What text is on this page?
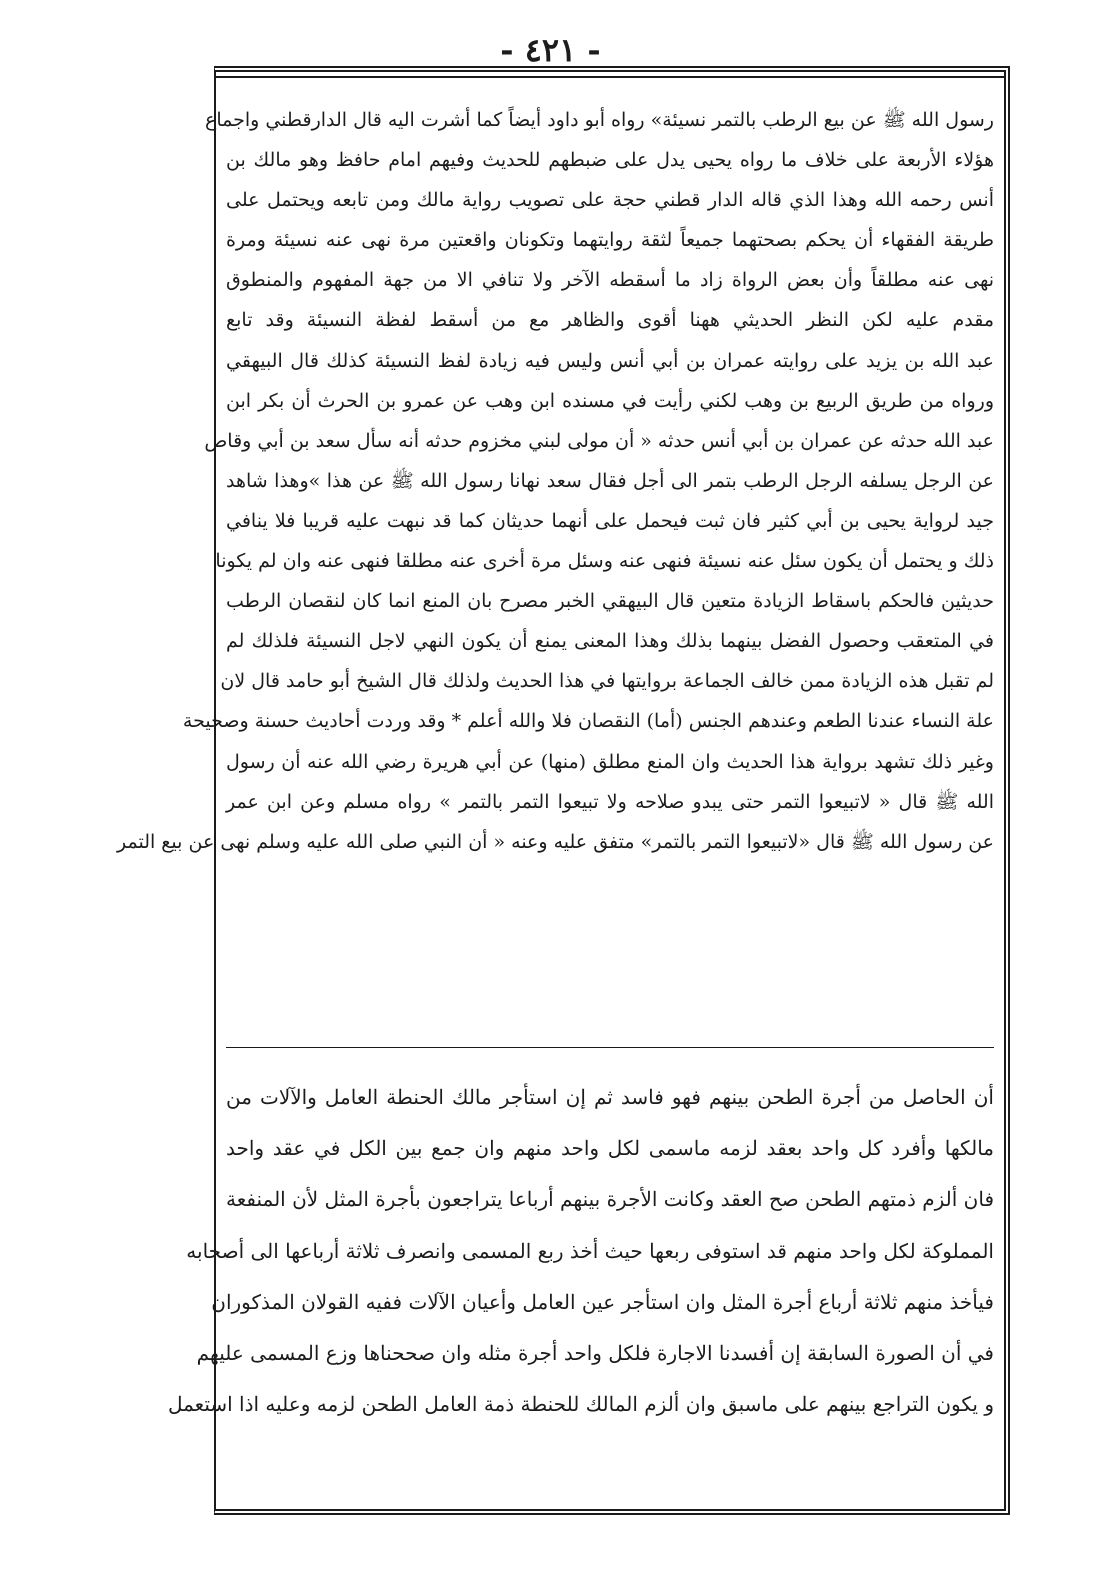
- ٤٢١ -
رسول الله ﷺ عن بيع الرطب بالتمر نسيئة» رواه أبو داود أيضاً كما أشرت اليه قال الدارقطني واجماع
هؤلاء الأربعة على خلاف ما رواه يحيى يدل على ضبطهم للحديث وفيهم امام حافظ وهو مالك بن
أنس رحمه الله وهذا الذي قاله الدار قطني حجة على تصويب رواية مالك ومن تابعه ويحتمل على
طريقة الفقهاء أن يحكم بصحتهما جميعاً لثقة روايتهما وتكونان واقعتين مرة نهى عنه نسيئة ومرة
نهى عنه مطلقاً وأن بعض الرواة زاد ما أسقطه الآخر ولا تنافي الا من جهة المفهوم والمنطوق
مقدم عليه لكن النظر الحديثي ههنا أقوى والظاهر مع من أسقط لفظة النسيئة وقد تابع
عبد الله بن يزيد على روايته عمران بن أبي أنس وليس فيه زيادة لفظ النسيئة كذلك قال البيهقي
ورواه من طريق الربيع بن وهب لكني رأيت في مسنده ابن وهب عن عمرو بن الحرث أن بكر ابن
عبد الله حدثه عن عمران بن أبي أنس حدثه « أن مولى لبني مخزوم حدثه أنه سأل سعد بن أبي وقاص
عن الرجل يسلفه الرجل الرطب بتمر الى أجل فقال سعد نهانا رسول الله ﷺ عن هذا »وهذا شاهد
جيد لرواية يحيى بن أبي كثير فان ثبت فيحمل على أنهما حديثان كما قد نبهت عليه قريبا فلا ينافي
ذلك و يحتمل أن يكون سئل عنه نسيئة فنهى عنه وسئل مرة أخرى عنه مطلقا فنهى عنه وان لم يكونا
حديثين فالحكم باسقاط الزيادة متعين قال البيهقي الخبر مصرح بان المنع انما كان لنقصان الرطب
في المتعقب وحصول الفضل بينهما بذلك وهذا المعنى يمنع أن يكون النهي لاجل النسيئة فلذلك لم
لم تقبل هذه الزيادة ممن خالف الجماعة بروايتها في هذا الحديث ولذلك قال الشيخ أبو حامد قال لان
علة النساء عندنا الطعم وعندهم الجنس (أما) النقصان فلا والله أعلم * وقد وردت أحاديث حسنة وصحيحة
وغير ذلك تشهد برواية هذا الحديث وان المنع مطلق (منها) عن أبي هريرة رضي الله عنه أن رسول
الله ﷺ قال « لاتبيعوا التمر حتى يبدو صلاحه ولا تبيعوا التمر بالتمر » رواه مسلم وعن ابن عمر
عن رسول الله ﷺ قال «لاتبيعوا التمر بالتمر» متفق عليه وعنه « أن النبي صلى الله عليه وسلم نهى عن بيع التمر
أن الحاصل من أجرة الطحن بينهم فهو فاسد ثم إن استأجر مالك الحنطة العامل والآلات من
مالكها وأفرد كل واحد بعقد لزمه ماسمى لكل واحد منهم وان جمع بين الكل في عقد واحد
فان ألزم ذمتهم الطحن صح العقد وكانت الأجرة بينهم أرباعا يتراجعون بأجرة المثل لأن المنفعة
المملوكة لكل واحد منهم قد استوفى ربعها حيث أخذ ربع المسمى وانصرف ثلاثة أرباعها الى أصحابه
فيأخذ منهم ثلاثة أرباع أجرة المثل وان استأجر عين العامل وأعيان الآلات ففيه القولان المذكوران
في أن الصورة السابقة إن أفسدنا الاجارة فلكل واحد أجرة مثله وان صححناها وزع المسمى عليهم
و يكون التراجع بينهم على ماسبق وان ألزم المالك للحنطة ذمة العامل الطحن لزمه وعليه اذا استعمل
